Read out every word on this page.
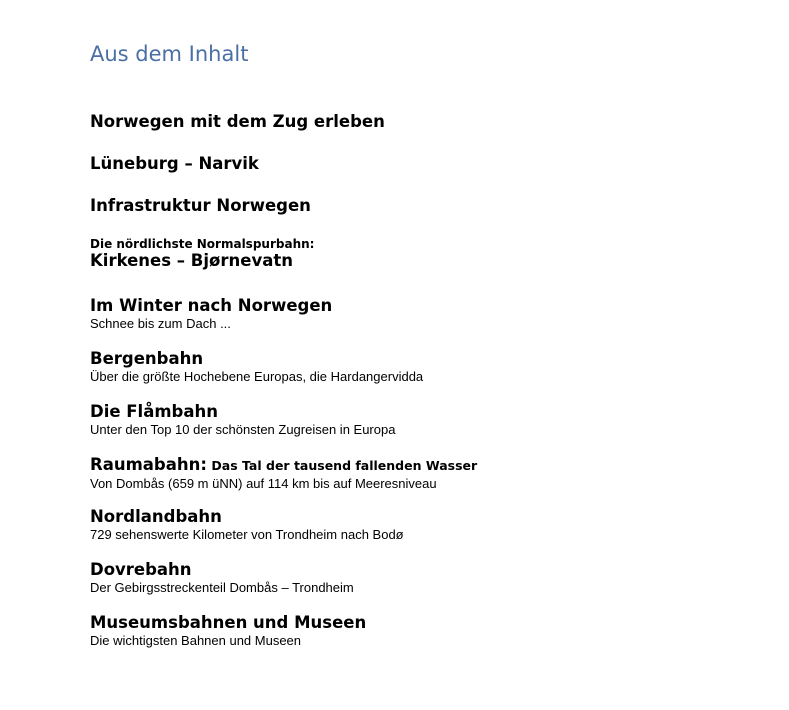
Aus dem Inhalt
Norwegen mit dem Zug erleben
Lüneburg – Narvik
Infrastruktur Norwegen
Die nördlichste Normalspurbahn:
Kirkenes – Bjørnevatn
Im Winter nach Norwegen
Schnee bis zum Dach ...
Bergenbahn
Über die größte Hochebene Europas, die Hardangervidda
Die Flåmbahn
Unter den Top 10 der schönsten Zugreisen in Europa
Raumabahn: Das Tal der tausend fallenden Wasser
Von Dombås (659 m üNN) auf 114 km bis auf Meeresniveau
Nordlandbahn
729 sehenswerte Kilometer von Trondheim nach Bodø
Dovrebahn
Der Gebirgsstreckenteil Dombås – Trondheim
Museumsbahnen und Museen
Die wichtigsten Bahnen und Museen
